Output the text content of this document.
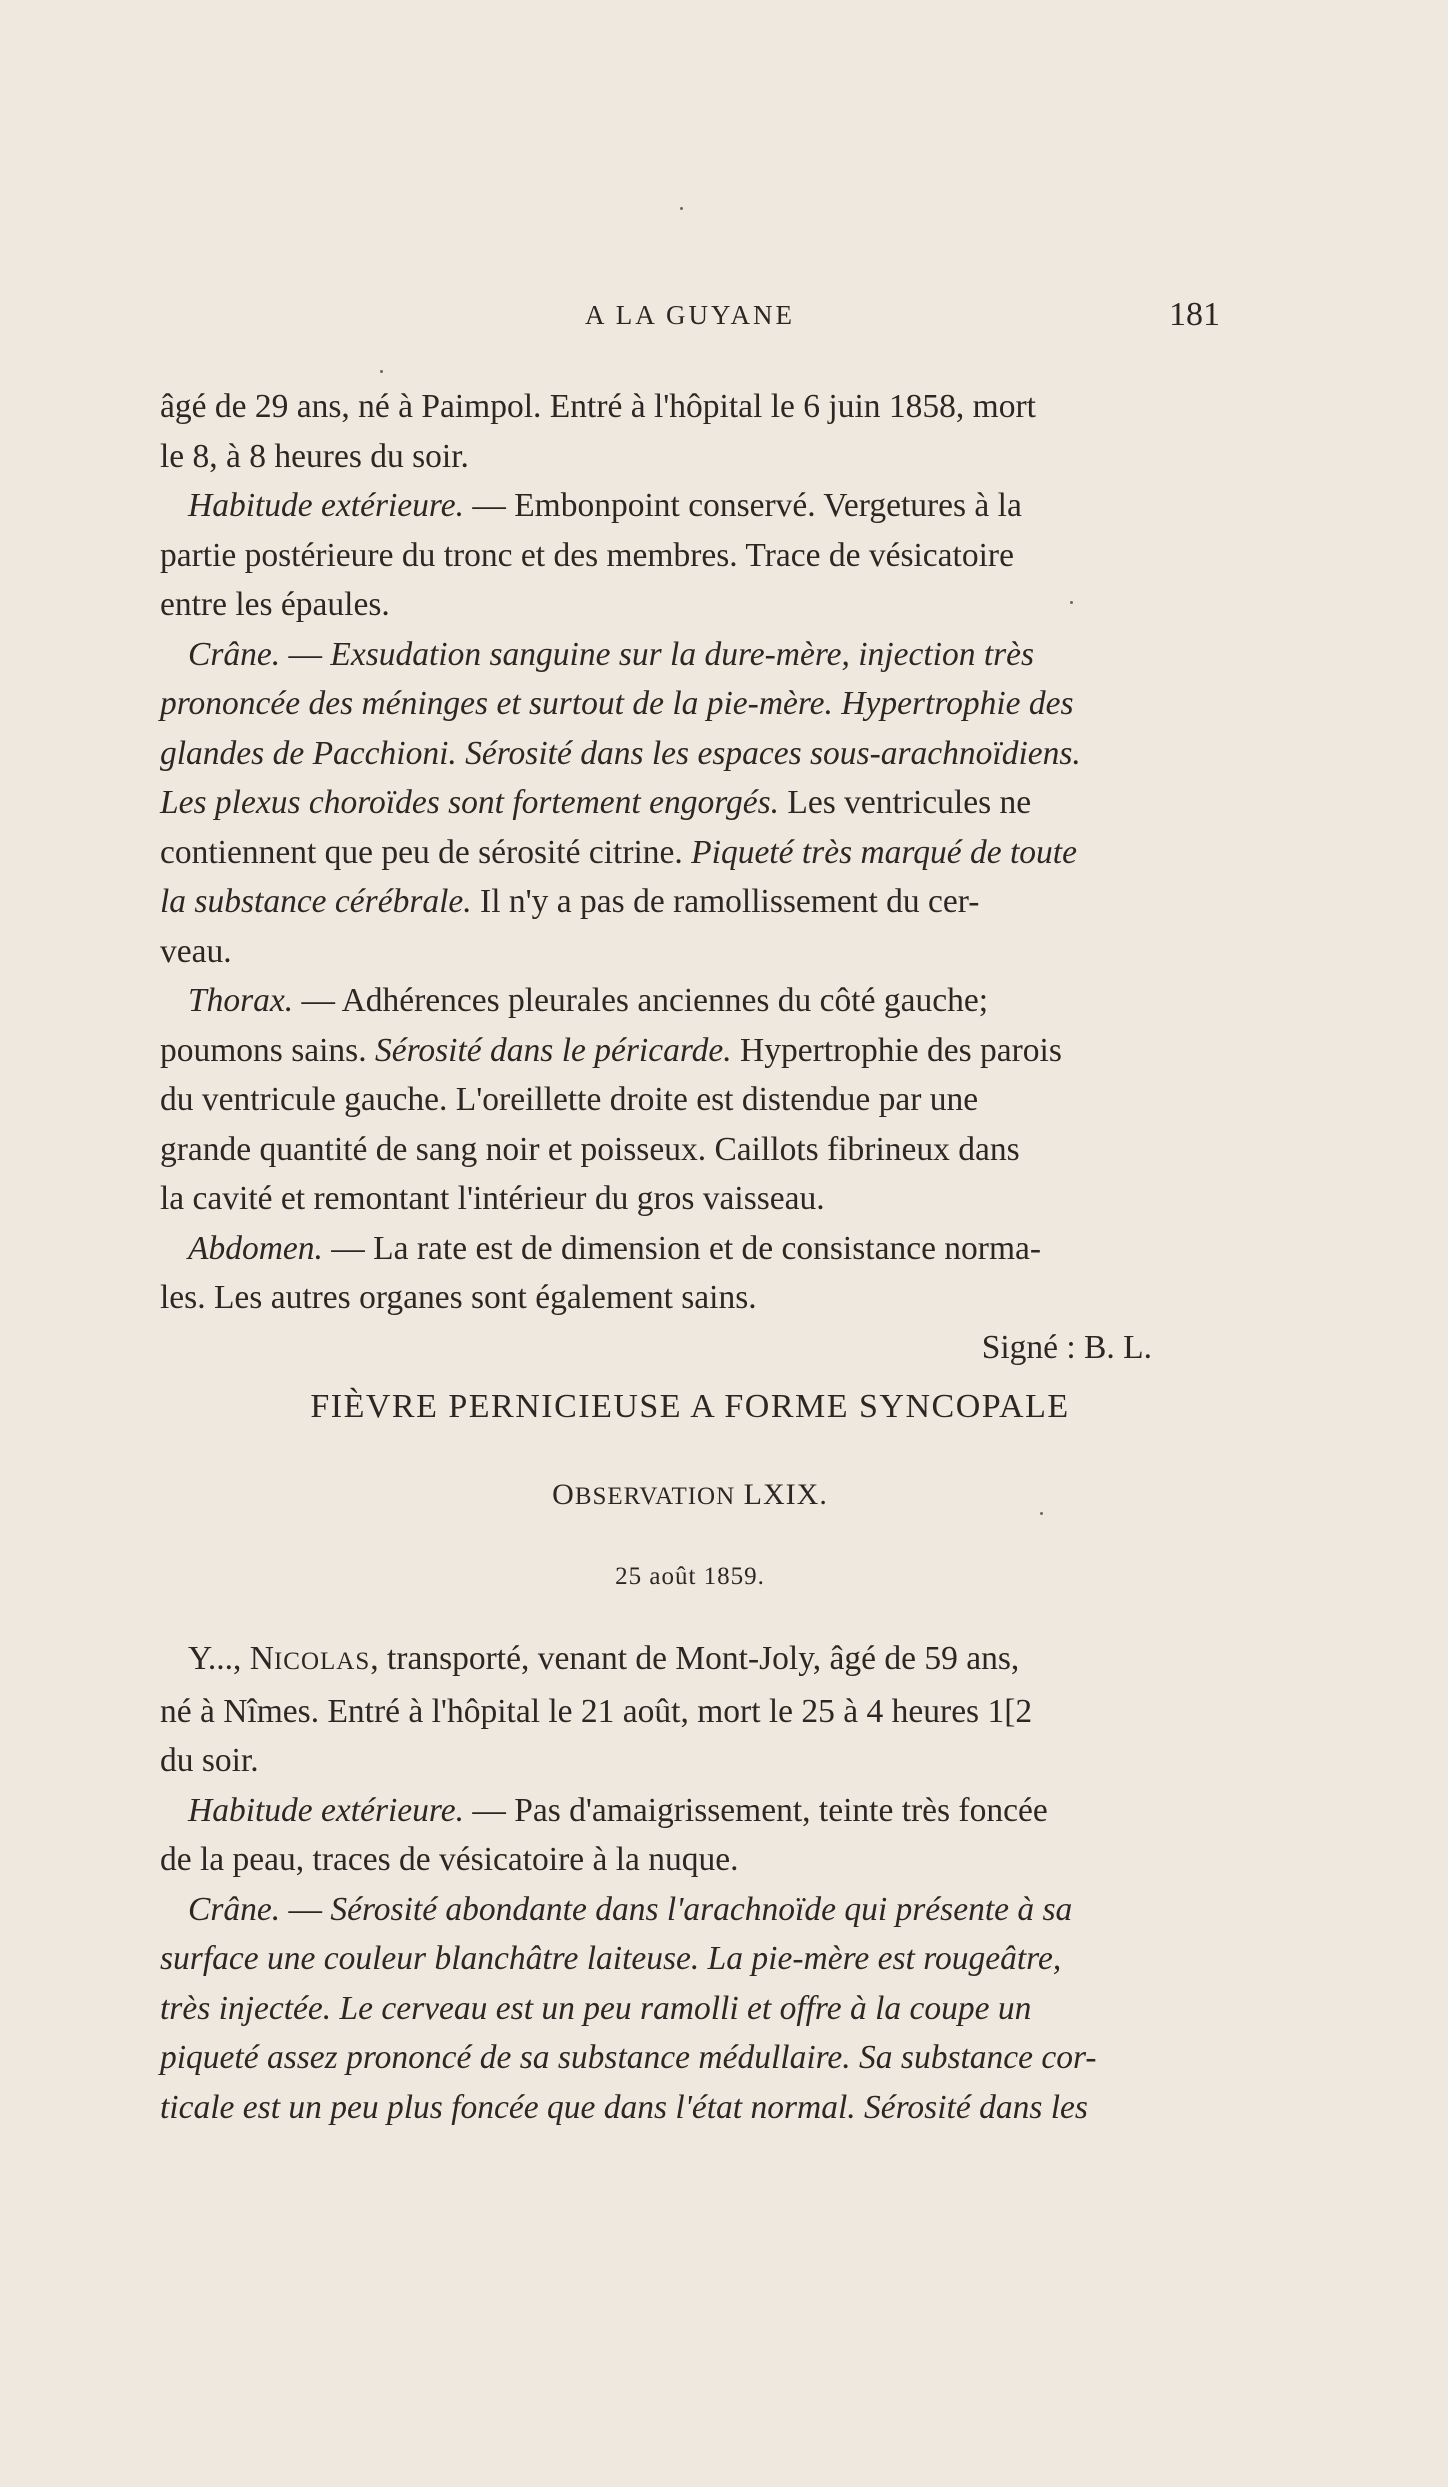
A LA GUYANE	181

âgé de 29 ans, né à Paimpol. Entré à l'hôpital le 6 juin 1858, mort
le 8, à 8 heures du soir.

Habitude extérieure. — Embonpoint conservé. Vergetures à la
partie postérieure du tronc et des membres. Trace de vésicatoire
entre les épaules.

Crâne. — Exsudation sanguine sur la dure-mère, injection très
prononcée des méninges et surtout de la pie-mère. Hypertrophie des
glandes de Pacchioni. Sérosité dans les espaces sous-arachnoïdiens.
Les plexus choroïdes sont fortement engorgés. Les ventricules ne
contiennent que peu de sérosité citrine. Piqueté très marqué de toute
la substance cérébrale. Il n'y a pas de ramollissement du cer-
veau.

Thorax. — Adhérences pleurales anciennes du côté gauche;
poumons sains. Sérosité dans le péricarde. Hypertrophie des parois
du ventricule gauche. L'oreillette droite est distendue par une
grande quantité de sang noir et poisseux. Caillots fibrineux dans
la cavité et remontant l'intérieur du gros vaisseau.

Abdomen. — La rate est de dimension et de consistance norma-
les. Les autres organes sont également sains.

Signé : B. L.

FIÈVRE PERNICIEUSE A FORME SYNCOPALE
OBSERVATION LXIX.
25 août 1859.

Y..., NICOLAS, transporté, venant de Mont-Joly, âgé de 59 ans,
né à Nîmes. Entré à l'hôpital le 21 août, mort le 25 à 4 heures 1[2
du soir.

Habitude extérieure. — Pas d'amaigrissement, teinte très foncée
de la peau, traces de vésicatoire à la nuque.

Crâne. — Sérosité abondante dans l'arachnoïde qui présente à sa
surface une couleur blanchâtre laiteuse. La pie-mère est rougeâtre,
très injectée. Le cerveau est un peu ramolli et offre à la coupe un
piqueté assez prononcé de sa substance médullaire. Sa substance cor-
ticale est un peu plus foncée que dans l'état normal. Sérosité dans les
